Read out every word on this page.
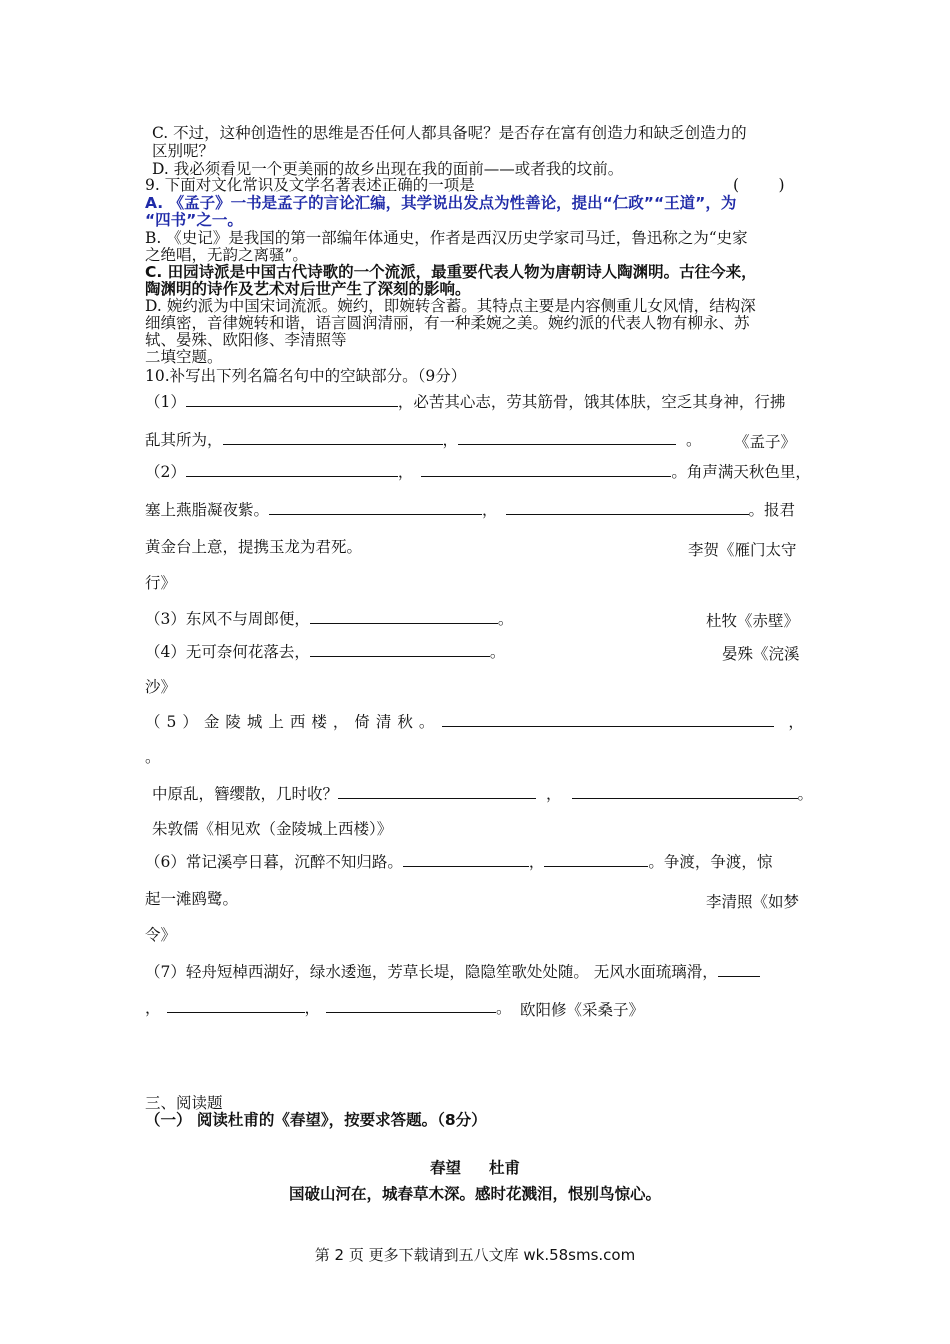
C. 不过，这种创造性的思维是否任何人都具备呢？是否存在富有创造力和缺乏创造力的
区别呢？
D. 我必须看见一个更美丽的故乡出现在我的面前——或者我的坟前。
9. 下面对文化常识及文学名著表述正确的一项是	(        )
A. 《孟子》一书是孟子的言论汇编，其学说出发点为性善论，提出“仁政”“王道”，为
“四书”之一。
B. 《史记》是我国的第一部编年体通史，作者是西汉历史学家司马迁，鲁迅称之为“史家
之绝唱，无韵之离骚”。
C. 田园诗派是中国古代诗歌的一个流派，最重要代表人物为唐朝诗人陶渊明。古往今来，
陶渊明的诗作及艺术对后世产生了深刻的影响。
D. 婉约派为中国宋词流派。婉约，即婉转含蓄。其特点主要是内容侧重儿女风情，结构深
细缜密，音律婉转和谐，语言圆润清丽，有一种柔婉之美。婉约派的代表人物有柳永、苏
轼、晏殊、欧阳修、李清照等
二填空题。
10.补写出下列名篇名句中的空缺部分。（9分）
（1）	，必苦其心志，劳其筋骨，饿其体肤，空乏其身神，行拂
乱其所为，	，	。 《孟子》
（2）	，	。角声满天秋色里，
塞上燕脂凝夜紫。	，	。报君
黄金台上意，提携玉龙为君死。	李贺《雁门太守
行》
（3）东风不与周郎便，	。	杜牧《赤壁》
（4）无可奈何花落去，	。	晏殊《浣溪
沙》
（5）金陵城上西楼，倚清秋。	，
。
中原乱，簪缨散，几时收？	，	。
朱敦儒《相见欢（金陵城上西楼）》
（6）常记溪亭日暮，沉醉不知归路。	，	。争渡，争渡，惊
起一滩鸥鹭。	李清照《如梦
令》
（7）轻舟短棹西湖好，绿水逶迤，芳草长堤，隐隐笙歌处处随。 无风水面琉璃滑，
，	，	。 欧阳修《采桑子》
三、阅读题
（一） 阅读杜甫的《春望》，按要求答题。（8分）
春望 杜甫
国破山河在，城春草木深。感时花溅泪，恨别鸟惊心。
第 2 页 更多下载请到五八文库 wk.58sms.com
